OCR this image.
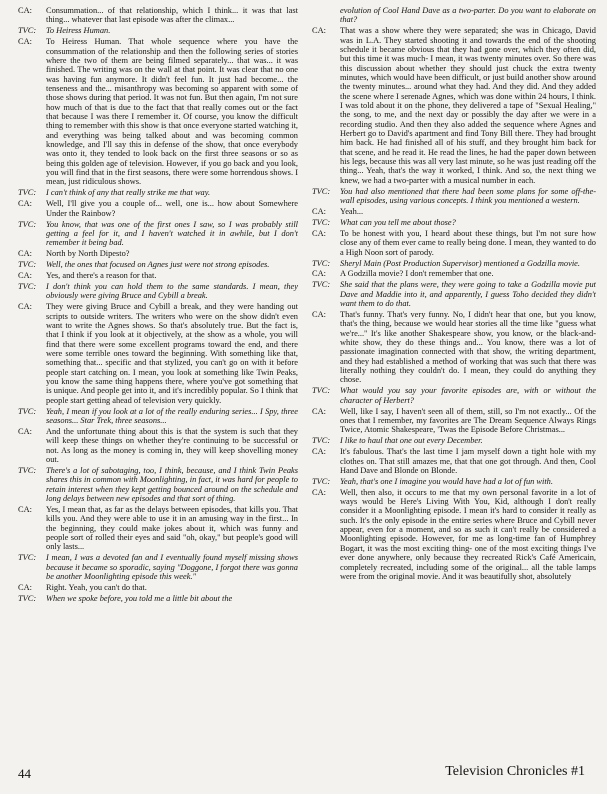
CA:	Consummation... of that relationship, which I think... it was that last thing... whatever that last episode was after the climax...
TVC:	To Heiress Human.
CA:	To Heiress Human. That whole sequence where you have the consummation of the relationship and then the following series of stories where the two of them are being filmed separately... that was... it was finished. The writing was on the wall at that point. It was clear that no one was having fun anymore. It didn't feel fun. It just had become... the tenseness and the... misanthropy was becoming so apparent with some of those shows during that period. It was not fun. But then again, I'm not sure how much of that is due to the fact that that really comes out or the fact that because I was there I remember it. Of course, you know the difficult thing to remember with this show is that once everyone started watching it, and everything was being talked about and was becoming common knowledge, and I'll say this in defense of the show, that once everybody was onto it, they tended to look back on the first three seasons or so as being this golden age of television. However, if you go back and you look, you will find that in the first seasons, there were some horrendous shows. I mean, just ridiculous shows.
TVC:	I can't think of any that really strike me that way.
CA:	Well, I'll give you a couple of... well, one is... how about Somewhere Under the Rainbow?
TVC:	You know, that was one of the first ones I saw, so I was probably still getting a feel for it, and I haven't watched it in awhile, but I don't remember it being bad.
CA:	North by North Dipesto?
TVC:	Well, the ones that focused on Agnes just were not strong episodes.
CA:	Yes, and there's a reason for that.
TVC:	I don't think you can hold them to the same standards. I mean, they obviously were giving Bruce and Cybill a break.
CA:	They were giving Bruce and Cybill a break, and they were handing out scripts to outside writers. The writers who were on the show didn't even want to write the Agnes shows. So that's absolutely true. But the fact is, that I think if you look at it objectively, at the show as a whole, you will find that there were some excellent programs toward the end, and there were some terrible ones toward the beginning. With something like that, something that... specific and that stylized, you can't go on with it before people start catching on. I mean, you look at something like Twin Peaks, you know the same thing happens there, where you've got something that is unique. And people get into it, and it's incredibly popular. So I think that people start getting ahead of television very quickly.
TVC:	Yeah, I mean if you look at a lot of the really enduring series... I Spy, three seasons... Star Trek, three seasons...
CA:	And the unfortunate thing about this is that the system is such that they will keep these things on whether they're continuing to be successful or not. As long as the money is coming in, they will keep shovelling money out.
TVC:	There's a lot of sabotaging, too, I think, because, and I think Twin Peaks shares this in common with Moonlighting, in fact, it was hard for people to retain interest when they kept getting bounced around on the schedule and long delays between new episodes and that sort of thing.
CA:	Yes, I mean that, as far as the delays between episodes, that kills you. That kills you. And they were able to use it in an amusing way in the first... In the beginning, they could make jokes about it, which was funny and people sort of rolled their eyes and said "oh, okay," but people's good will only lasts...
TVC:	I mean, I was a devoted fan and I eventually found myself missing shows because it became so sporadic, saying "Doggone, I forgot there was gonna be another Moonlighting episode this week."
CA:	Right. Yeah, you can't do that.
TVC:	When we spoke before, you told me a little bit about the
evolution of Cool Hand Dave as a two-parter. Do you want to elaborate on that?
CA:	That was a show where they were separated; she was in Chicago, David was in L.A. They started shooting it and towards the end of the shooting schedule it became obvious that they had gone over, which they often did, but this time it was much- I mean, it was twenty minutes over. So there was this discussion about whether they should just chuck the extra twenty minutes, which would have been difficult, or just build another show around the twenty minutes... around what they had. And they did. And they added the scene where I serenade Agnes, which was done within 24 hours, I think. I was told about it on the phone, they delivered a tape of "Sexual Healing," the song, to me, and the next day or possibly the day after we were in a recording studio. And then they also added the sequence where Agnes and Herbert go to David's apartment and find Tony Bill there. They had brought him back. He had finished all of his stuff, and they brought him back for that scene, and he read it. He read the lines, he had the paper down between his legs, because this was all very last minute, so he was just reading off the thing... Yeah, that's the way it worked, I think. And so, the next thing we knew, we had a two-parter with a musical number in each.
TVC:	You had also mentioned that there had been some plans for some off-the-wall episodes, using various concepts. I think you mentioned a western.
CA:	Yeah...
TVC:	What can you tell me about those?
CA:	To be honest with you, I heard about these things, but I'm not sure how close any of them ever came to really being done. I mean, they wanted to do a High Noon sort of parody.
TVC:	Sheryl Main (Post Production Supervisor) mentioned a Godzilla movie.
CA:	A Godzilla movie? I don't remember that one.
TVC:	She said that the plans were, they were going to take a Godzilla movie put Dave and Maddie into it, and apparently, I guess Toho decided they didn't want them to do that.
CA:	That's funny. That's very funny. No, I didn't hear that one, but you know, that's the thing, because we would hear stories all the time like "guess what we're..." It's like another Shakespeare show, you know, or the black-and-white show, they do these things and... You know, there was a lot of passionate imagination connected with that show, the writing department, and they had established a method of working that was such that there was literally nothing they couldn't do. I mean, they could do anything they chose.
TVC:	What would you say your favorite episodes are, with or without the character of Herbert?
CA:	Well, like I say, I haven't seen all of them, still, so I'm not exactly... Of the ones that I remember, my favorites are The Dream Sequence Always Rings Twice, Atomic Shakespeare, 'Twas the Episode Before Christmas...
TVC:	I like to haul that one out every December.
CA:	It's fabulous. That's the last time I jam myself down a tight hole with my clothes on. That still amazes me, that that one got through. And then, Cool Hand Dave and Blonde on Blonde.
TVC:	Yeah, that's one I imagine you would have had a lot of fun with.
CA:	Well, then also, it occurs to me that my own personal favorite in a lot of ways would be Here's Living With You, Kid, although I don't really consider it a Moonlighting episode. I mean it's hard to consider it really as such. It's the only episode in the entire series where Bruce and Cybill never appear, even for a moment, and so as such it can't really be considered a Moonlighting episode. However, for me as long-time fan of Humphrey Bogart, it was the most exciting thing- one of the most exciting things I've ever done anywhere, only because they recreated Rick's Café Americain, completely recreated, including some of the original... all the table lamps were from the original movie. And it was beautifully shot, absolutely
44	Television Chronicles #1
